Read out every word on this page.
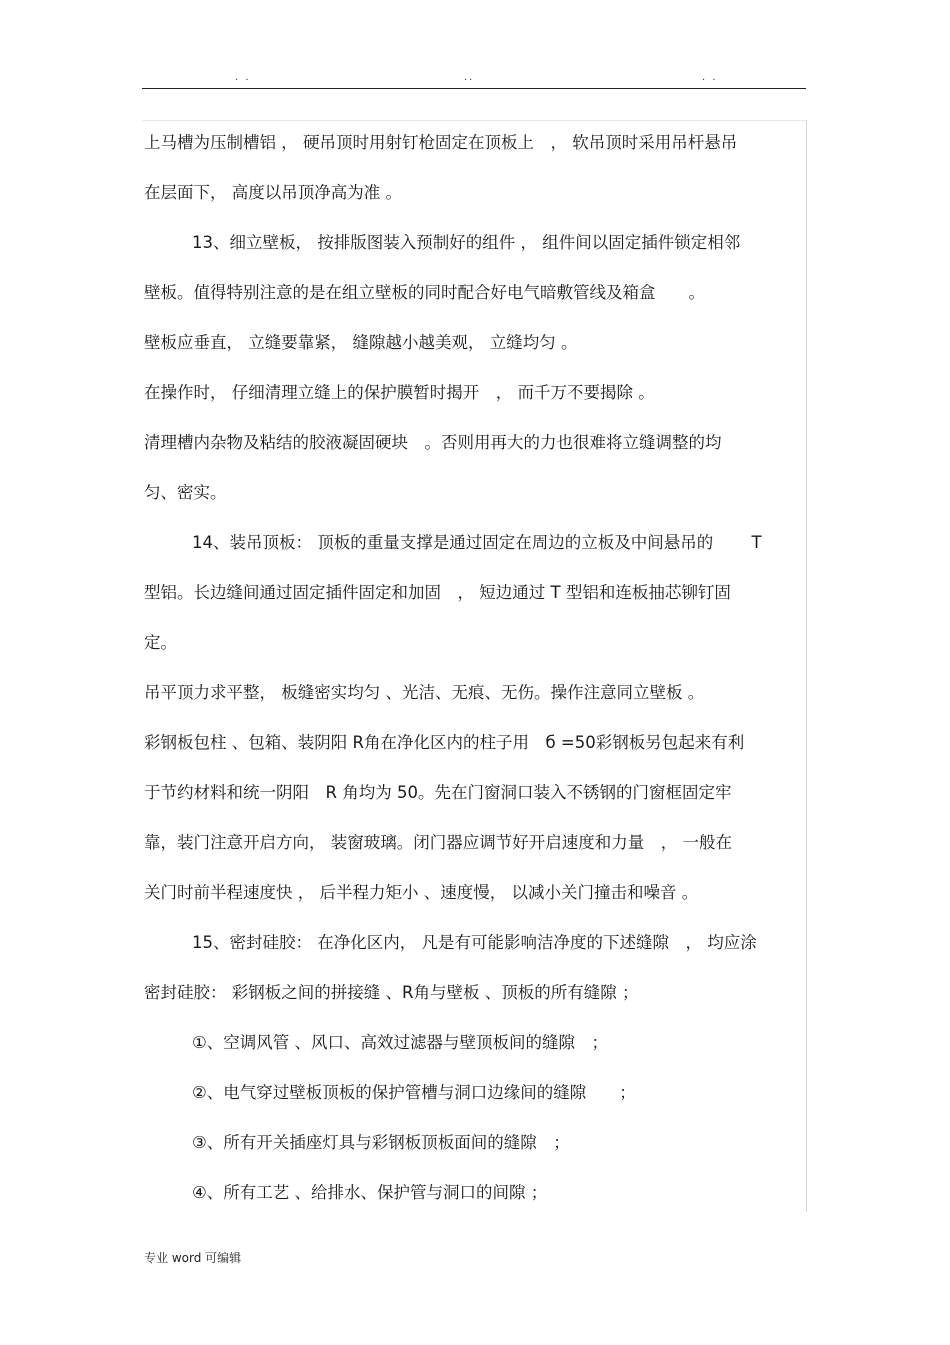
. .	..	. .
上马槽为压制槽铝 ， 硬吊顶时用射钉枪固定在顶板上　， 软吊顶时采用吊杆悬吊
在层面下， 高度以吊顶净高为准 。
13、细立壁板， 按排版图装入预制好的组件 ， 组件间以固定插件锁定相邻
壁板。值得特别注意的是在组立壁板的同时配合好电气暗敷管线及箱盒　　。
壁板应垂直， 立缝要靠紧， 缝隙越小越美观， 立缝均匀 。
在操作时， 仔细清理立缝上的保护膜暂时揭开　， 而千万不要揭除 。
清理槽内杂物及粘结的胶液凝固硬块　。否则用再大的力也很难将立缝调整的均
匀、密实。
14、装吊顶板： 顶板的重量支撑是通过固定在周边的立板及中间悬吊的　　 T
型铝。长边缝间通过固定插件固定和加固　， 短边通过 T 型铝和连板抽芯铆钉固
定。
吊平顶力求平整， 板缝密实均匀 、光洁、无痕、无伤。操作注意同立壁板 。
彩钢板包柱 、包箱、装阴阳 R角在净化区内的柱子用　б =50彩钢板另包起来有利
于节约材料和统一阴阳　R 角均为 50。先在门窗洞口装入不锈钢的门窗框固定牢
靠，装门注意开启方向， 装窗玻璃。闭门器应调节好开启速度和力量　， 一般在
关门时前半程速度快 ， 后半程力矩小 、速度慢， 以减小关门撞击和噪音 。
15、密封硅胶： 在净化区内， 凡是有可能影响洁净度的下述缝隙　， 均应涂
密封硅胶： 彩钢板之间的拼接缝 、R角与壁板 、顶板的所有缝隙 ；
①、空调风管 、风口、高效过滤器与壁顶板间的缝隙　；
②、电气穿过壁板顶板的保护管槽与洞口边缘间的缝隙　　；
③、所有开关插座灯具与彩钢板顶板面间的缝隙　；
④、所有工艺 、给排水、保护管与洞口的间隙 ；
专业 word 可编辑
